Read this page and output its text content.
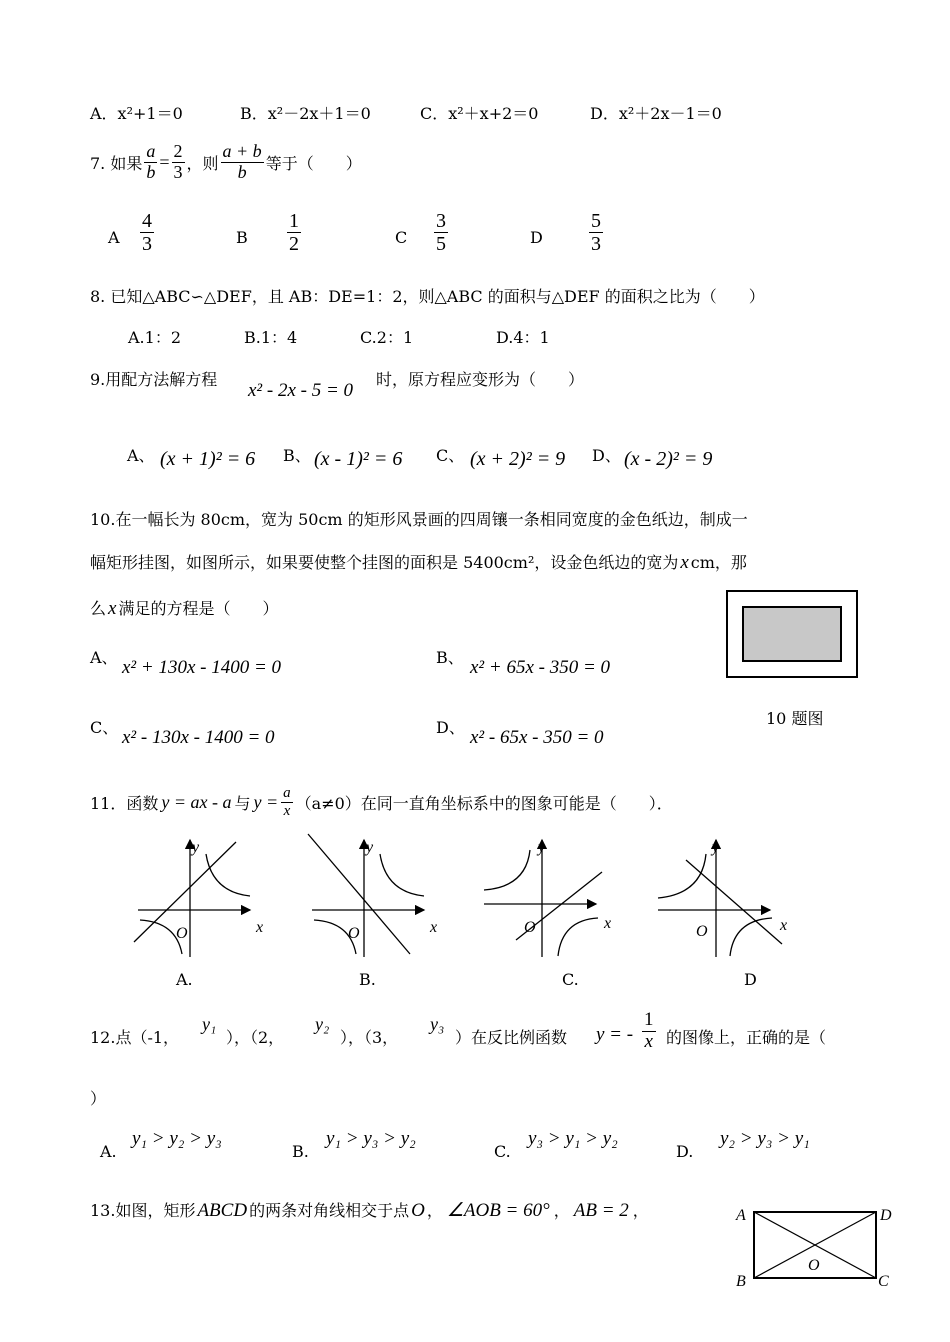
A．x²+1＝0	B．x²－2x＋1＝0	C．x²＋x+2＝0	D．x²＋2x－1＝0
7. 如果 $\frac{a}{b} = \frac{2}{3}$ ，则 $\frac{a + b}{b}$ 等于（　　）
A $\frac{4}{3}$	B $\frac{1}{2}$	C $\frac{3}{5}$	D $\frac{5}{3}$
8. 已知△ABC∽△DEF，且 AB：DE=1：2，则△ABC 的面积与△DEF 的面积之比为（　　）
A.1：2	B.1：4	C.2：1	D.4：1
9.用配方法解方程
x² - 2x - 5 = 0
时，原方程应变形为（　　）
A、 (x + 1)² = 6 B、 (x - 1)² = 6 C、 (x + 2)² = 9 D、 (x - 2)² = 9
10.在一幅长为 80cm，宽为 50cm 的矩形风景画的四周镶一条相同宽度的金色纸边，制成一
幅矩形挂图，如图所示，如果要使整个挂图的面积是 5400cm²，设金色纸边的宽为 x cm，那
么 x 满足的方程是（　　）
10 题图
A、 x² + 130x - 1400 = 0	B、 x² + 65x - 350 = 0
C、 x² - 130x - 1400 = 0	D、 x² - 65x - 350 = 0
11．函数 y = ax - a 与 $y = \frac{a}{x} (a\ne 0)$在同一直角坐标系中的图象可能是（　　）．
y
x
O
y
x
O
y
x
O
y
x
O
A.	B.	C.	D
12.点（-1，
y₁
），（2，
y₂
），（3，
y₃
）在反比例函数 y = - $\frac{1}{x}$ 的图像上，正确的是（
）
A.
y₁ > y₂ > y₃
B.
y₁ > y₃ > y₂
C.
y₃ > y₁ > y₂
D.
y₂ > y₃ > y₁
13.如图，矩形 ABCD 的两条对角线相交于点 O ， ∠AOB = 60° ， AB = 2 ，	A	D
B	C
O
